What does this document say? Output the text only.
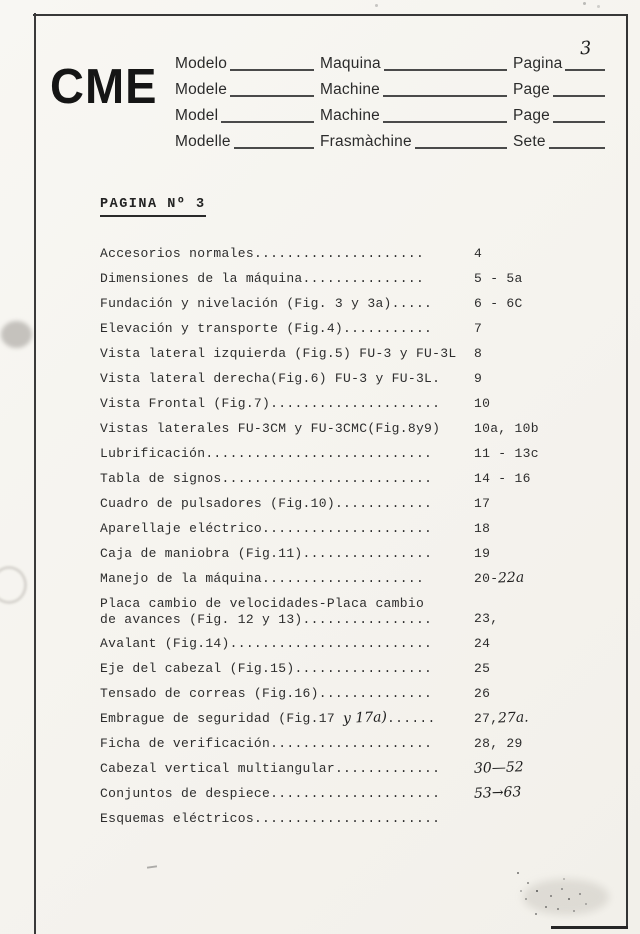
CME Modelo	Maquina	Pagina
3
Modele	Machine	Page
Model	Machine	Page
Modelle	Frasmàchine	Sete
PAGINA Nº 3
Accesorios normales.....................	4
Dimensiones de la máquina...............	5 - 5a
Fundación y nivelación (Fig. 3 y 3a).....	6 - 6C
Elevación y transporte (Fig.4)...........	7
Vista lateral izquierda (Fig.5) FU-3 y FU-3L	8
Vista lateral derecha(Fig.6) FU-3 y FU-3L.	9
Vista Frontal (Fig.7).....................	10
Vistas laterales FU-3CM y FU-3CMC(Fig.8y9)	10a, 10b
Lubrificación............................	11 - 13c
Tabla de signos..........................	14 - 16
Cuadro de pulsadores (Fig.10)............	17
Aparellaje eléctrico.....................	18
Caja de maniobra (Fig.11)................	19
Manejo de la máquina....................	20-22a
Placa cambio de velocidades-Placa cambio
de avances (Fig. 12 y 13)................	23,
Avalant (Fig.14).........................	24
Eje del cabezal (Fig.15).................	25
Tensado de correas (Fig.16)..............	26
Embrague de seguridad (Fig.17 y 17a)......	27,27a.
Ficha de verificación....................	28, 29
Cabezal vertical multiangular.............	30—52
Conjuntos de despiece.....................	53→63
Esquemas eléctricos.......................
